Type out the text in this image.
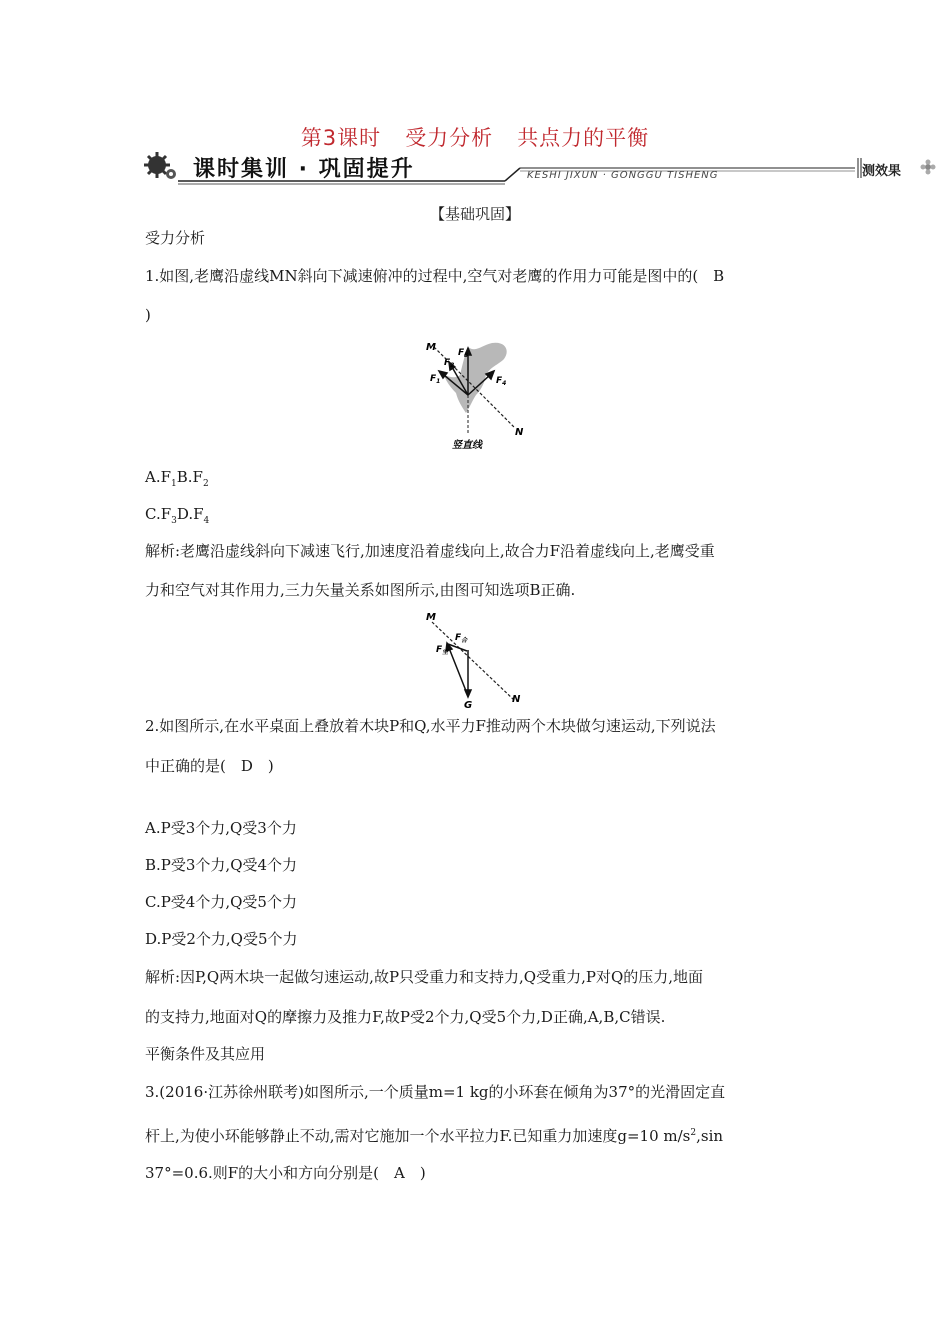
第3课时 受力分析 共点力的平衡
课时集训 · 巩固提升	KESHI JIXUN · GONGGU TISHENG	测效果
【基础巩固】
受力分析
1.如图,老鹰沿虚线MN斜向下减速俯冲的过程中,空气对老鹰的作用力可能是图中的(　B
)
M
N
$F_3$
$F_2$
$F_1$	$F_4$
竖直线
$A.F_1B.F_2$
$C.F_3D.F_4$
解析:老鹰沿虚线斜向下减速飞行,加速度沿着虚线向上,故合力F沿着虚线向上,老鹰受重
力和空气对其作用力,三力矢量关系如图所示,由图可知选项B正确.
M
N
$F_合$
$F_空$
G
2.如图所示,在水平桌面上叠放着木块P和Q,水平力F推动两个木块做匀速运动,下列说法
中正确的是(　D　)
A.P受3个力,Q受3个力
B.P受3个力,Q受4个力
C.P受4个力,Q受5个力
D.P受2个力,Q受5个力
解析:因P,Q两木块一起做匀速运动,故P只受重力和支持力,Q受重力,P对Q的压力,地面
的支持力,地面对Q的摩擦力及推力F,故P受2个力,Q受5个力,D正确,A,B,C错误.
平衡条件及其应用
3.(2016·江苏徐州联考)如图所示,一个质量m=1 kg的小环套在倾角为37°的光滑固定直
杆上,为使小环能够静止不动,需对它施加一个水平拉力F.已知重力加速度g=10 $m/s^2,\sin$
37°=0.6.则F的大小和方向分别是(　A　)
